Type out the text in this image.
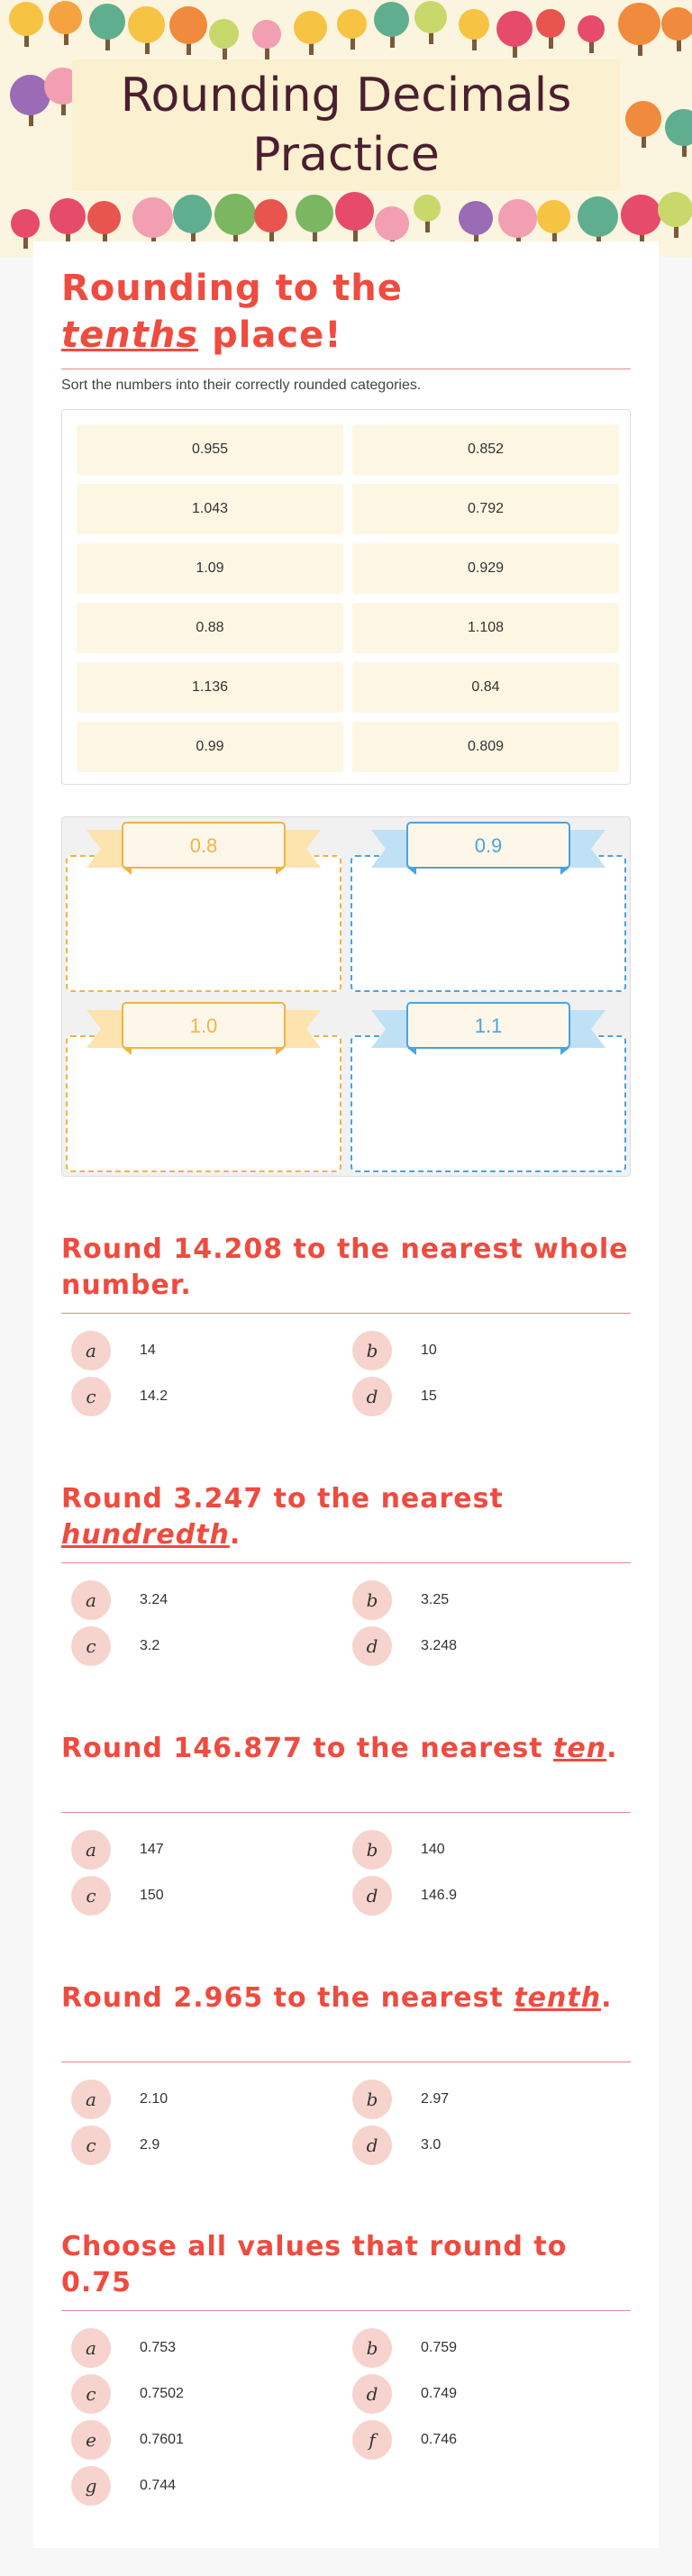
Rounding Decimals Practice
Rounding to the
tenths place!
Sort the numbers into their correctly rounded categories.
0.955	0.852
1.043	0.792
1.09	0.929
0.88	1.108
1.136	0.84
0.99	0.809
0.8	0.9
1.0	1.1
Round 14.208 to the nearest whole number.
a	14	b	10
c	14.2	d	15
Round 3.247 to the nearest hundredth.
a	3.24	b	3.25
c	3.2	d	3.248
Round 146.877 to the nearest ten.
a	147	b	140
c	150	d	146.9
Round 2.965 to the nearest tenth.
a	2.10	b	2.97
c	2.9	d	3.0
Choose all values that round to 0.75
a	0.753	b	0.759
c	0.7502	d	0.749
e	0.7601	f	0.746
g	0.744
